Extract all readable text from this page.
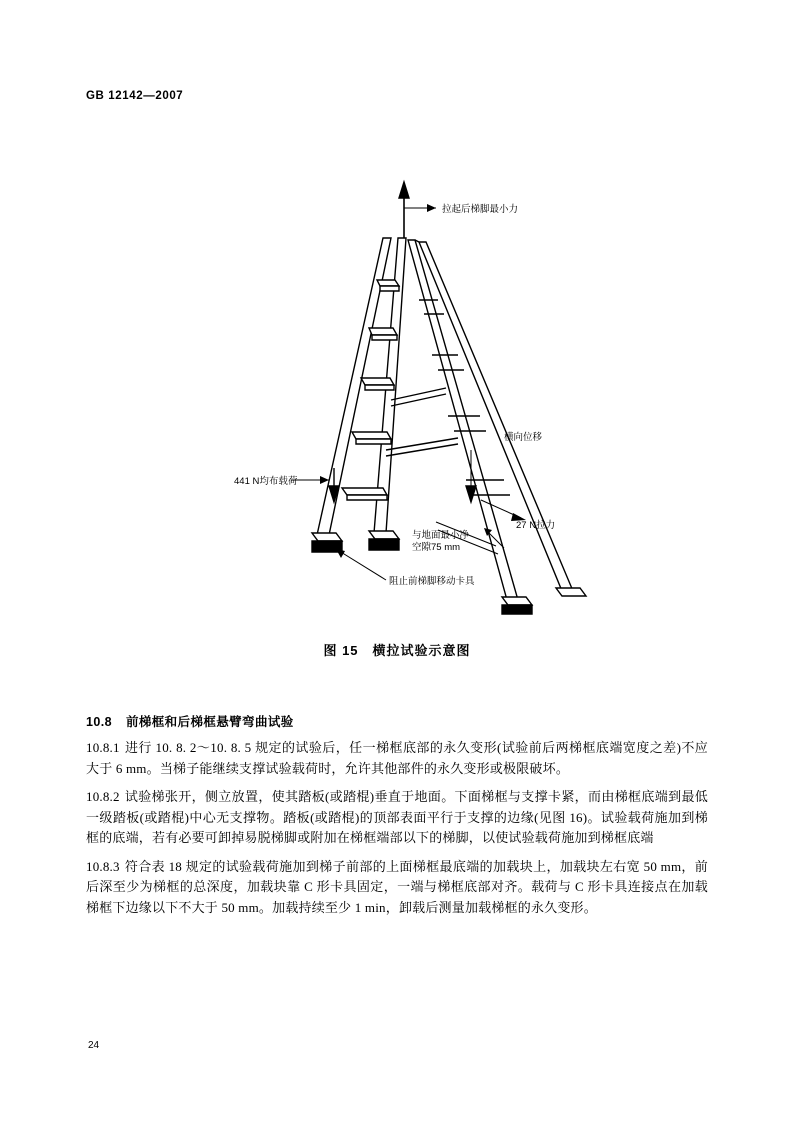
GB 12142—2007
拉起后梯脚最小力
441 N均布载荷
横向位移
与地面最小净
空隙75 mm
27 N拉力
阻止前梯脚移动卡具
图 15　横拉试验示意图
10.8 前梯框和后梯框悬臂弯曲试验
10.8.1 进行 10. 8. 2～10. 8. 5 规定的试验后，任一梯框底部的永久变形(试验前后两梯框底端宽度之差)不应大于 6 mm。当梯子能继续支撑试验载荷时，允许其他部件的永久变形或极限破坏。
10.8.2 试验梯张开，侧立放置，使其踏板(或踏棍)垂直于地面。下面梯框与支撑卡紧，而由梯框底端到最低一级踏板(或踏棍)中心无支撑物。踏板(或踏棍)的顶部表面平行于支撑的边缘(见图 16)。试验载荷施加到梯框的底端，若有必要可卸掉易脱梯脚或附加在梯框端部以下的梯脚，以使试验载荷施加到梯框底端
10.8.3 符合表 18 规定的试验载荷施加到梯子前部的上面梯框最底端的加载块上，加载块左右宽 50 mm，前后深至少为梯框的总深度，加载块靠 C 形卡具固定，一端与梯框底部对齐。载荷与 C 形卡具连接点在加载梯框下边缘以下不大于 50 mm。加载持续至少 1 min，卸载后测量加载梯框的永久变形。
24
